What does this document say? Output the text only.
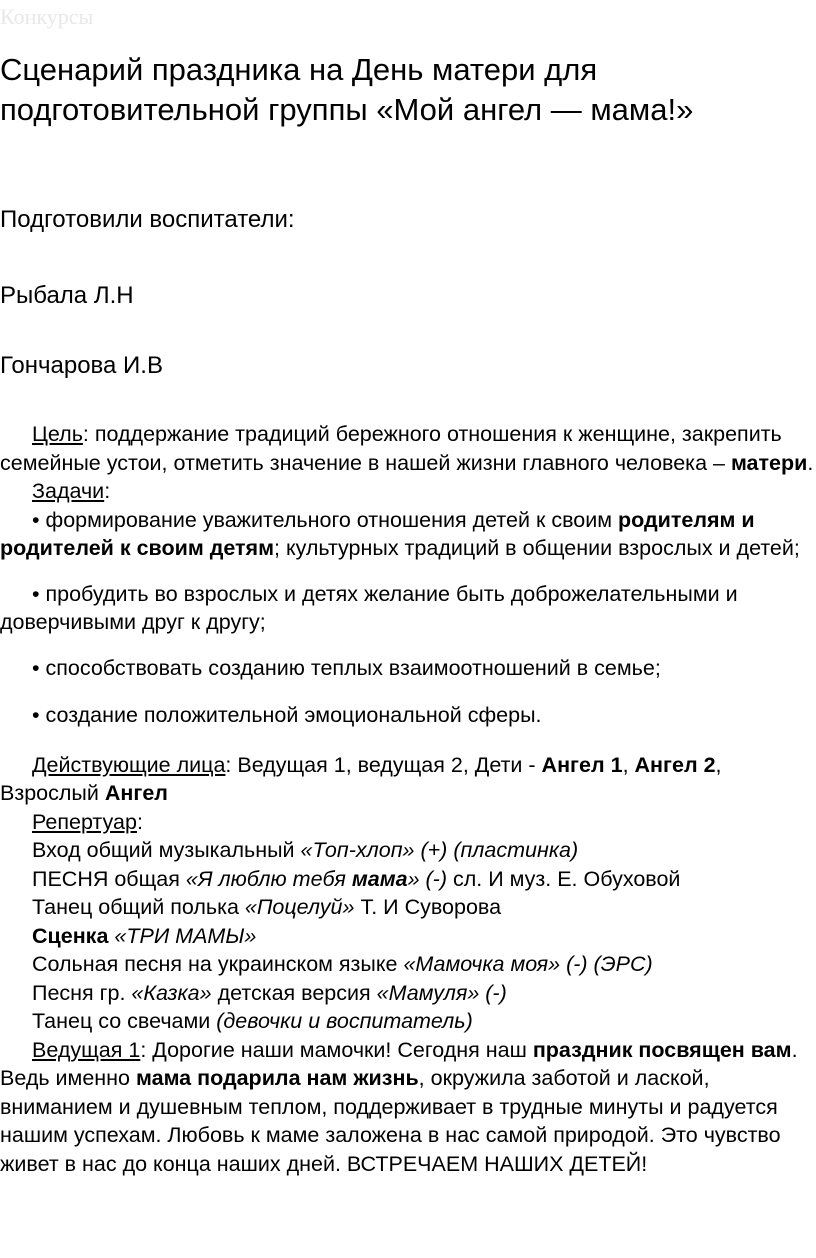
Конкурсы
Сценарий праздника на День матери для подготовительной группы «Мой ангел — мама!»

Подготовили воспитатели:

Рыбала Л.Н

Гончарова И.В

Цель: поддержание традиций бережного отношения к женщине, закрепить семейные устои, отметить значение в нашей жизни главного человека – матери.

Задачи:

• формирование уважительного отношения детей к своим родителям и родителей к своим детям; культурных традиций в общении взрослых и детей;

• пробудить во взрослых и детях желание быть доброжелательными и доверчивыми друг к другу;

• способствовать созданию теплых взаимоотношений в семье;

• создание положительной эмоциональной сферы.

Действующие лица: Ведущая 1, ведущая 2, Дети - Ангел 1, Ангел 2, Взрослый Ангел

Репертуар:

Вход общий музыкальный «Топ-хлоп» (+) (пластинка)

ПЕСНЯ общая «Я люблю тебя мама» (-) сл. И муз. Е. Обуховой

Танец общий полька «Поцелуй» Т. И Суворова

Сценка «ТРИ МАМЫ»

Сольная песня на украинском языке «Мамочка моя» (-) (ЭРС)

Песня гр. «Казка» детская версия «Мамуля» (-)

Танец со свечами (девочки и воспитатель)

Ведущая 1: Дорогие наши мамочки! Сегодня наш праздник посвящен вам. Ведь именно мама подарила нам жизнь, окружила заботой и лаской, вниманием и душевным теплом, поддерживает в трудные минуты и радуется нашим успехам. Любовь к маме заложена в нас самой природой. Это чувство живет в нас до конца наших дней. ВСТРЕЧАЕМ НАШИХ ДЕТЕЙ!
